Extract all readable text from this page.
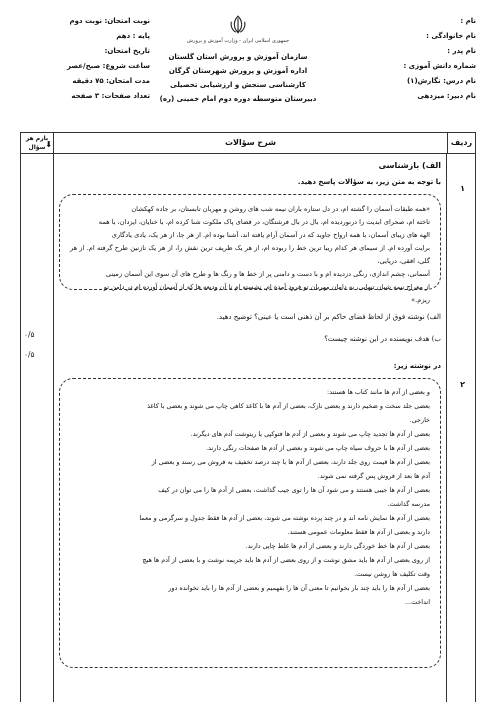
نام :
نام خانوادگی :
نام پدر :
شماره دانش آموزی :
نام درس: نگارش(۱)
نام دبیر: میزدهی
جمهوری اسلامی ایران - وزارت آموزش و پرورش
سازمان آموزش و پرورش استان گلستان
اداره آموزش و پرورش شهرستان گرگان
کارشناسی سنجش و ارزشیابی تحصیلی
دبیرستان متوسطه دوره دوم امام خمینی (ره)
نوبت امتحان: نوبت دوم
پایه : دهم
تاریخ امتحان:
ساعت شروع: صبح/عصر
مدت امتحان: ۷۵ دقیقه
تعداد صفحات: ۳ صفحه
ردیف
شرح سؤالات
⬇
بارم هر
سؤال
۱
۰/۵
۰/۵
۲
الف) بازشناسی
با توجه به متن زیر، به سؤالات پاسخ دهید.

«همه طبقات آسمان را گشته ام، در دل ستاره باران نیمه شب های روشن و مهربان تابستان، بر جاده کهکشان

تاخته ام، صحرای ابدیت را درنوردیده ام، بال در بال فرشتگان، در فضای پاک ملکوت شنا کرده ام، با خنایان، ایزدان، با همه

الهه های زیبای آسمان، با همه ارواح جاوید که در آسمان آرام یافته اند، آشنا بوده ام. از هر جا، از هر یک، یادی یادگاری

برایت آورده ام. از سیمای هر کدام ریبا ترین خط را ربوده ام، از هر یک ظریف ترین نقش را، از هر یک نازنین طرح گرفته ام. از هر گلی، افقی، دریایی،

آسمانی، چشم اندازی، رنگی دزدیده ام و با دست و دامنی پر از خط ها و رنگ ها و طرح های آن سوی این آسمان زمینی

از معراج نیمه شبان تنهایی، به دامان مهربان تو فرود آمده ام. نشسته ام تا آن ودیعه ها که از آسمان آورده ام در دامن تو

ریزم.»

الف) نوشته فوق از لحاظ فضای حاکم بر آن ذهنی است یا عینی؟ توضیح دهید.
ب) هدف نویسنده در این نوشته چیست؟
در نوشته زیر:

و بعضی از آدم ها مانند کتاب ها هستند:

بعضی جلد سخت و ضخیم دارند و بعضی نازک، بعضی از آدم ها با کاغذ کاهی چاپ می شوند و بعضی با کاغذ

خارجی.

بعضی از آدم ها تجدید چاپ می شوند و بعضی از آدم ها فتوکپی یا ریتوشت آدم های دیگرند.

بعضی از آدم ها با حروف سیاه چاپ می شوند و بعضی از آدم ها صفحات رنگی دارند.

بعضی از آدم ها قیمت روی جلد دارند، بعضی از آدم ها با چند درصد تخفیف به فروش می رسند و بعضی از

آدم ها بعد از فروش پس گرفته نمی شوند.

بعضی از آدم ها جیبی هستند و می شود آن ها را توی جیب گذاشت، بعضی از آدم ها را می توان در کیف

مدرسه گذاشت.

بعضی از آدم ها نمایش نامه اند و در چند پرده نوشته می شوند، بعضی از آدم ها فقط جدول و سرگرمی و معما

دارند و بعضی از آدم ها فقط معلومات عمومی هستند.

بعضی از آدم ها خط خوردگی دارند و بعضی از آدم ها غلط چاپی دارند.

از روی بعضی از آدم ها باید مشق نوشت و از روی بعضی از آدم ها باید جریمه نوشت و با بعضی از آدم ها هیچ

وقت تکلیف ها روشن نیست.

بعضی از آدم ها را باید چند بار بخوانیم تا معنی آن ها را بفهمیم و بعضی از آدم ها را باید نخوانده دور

انداخت...
